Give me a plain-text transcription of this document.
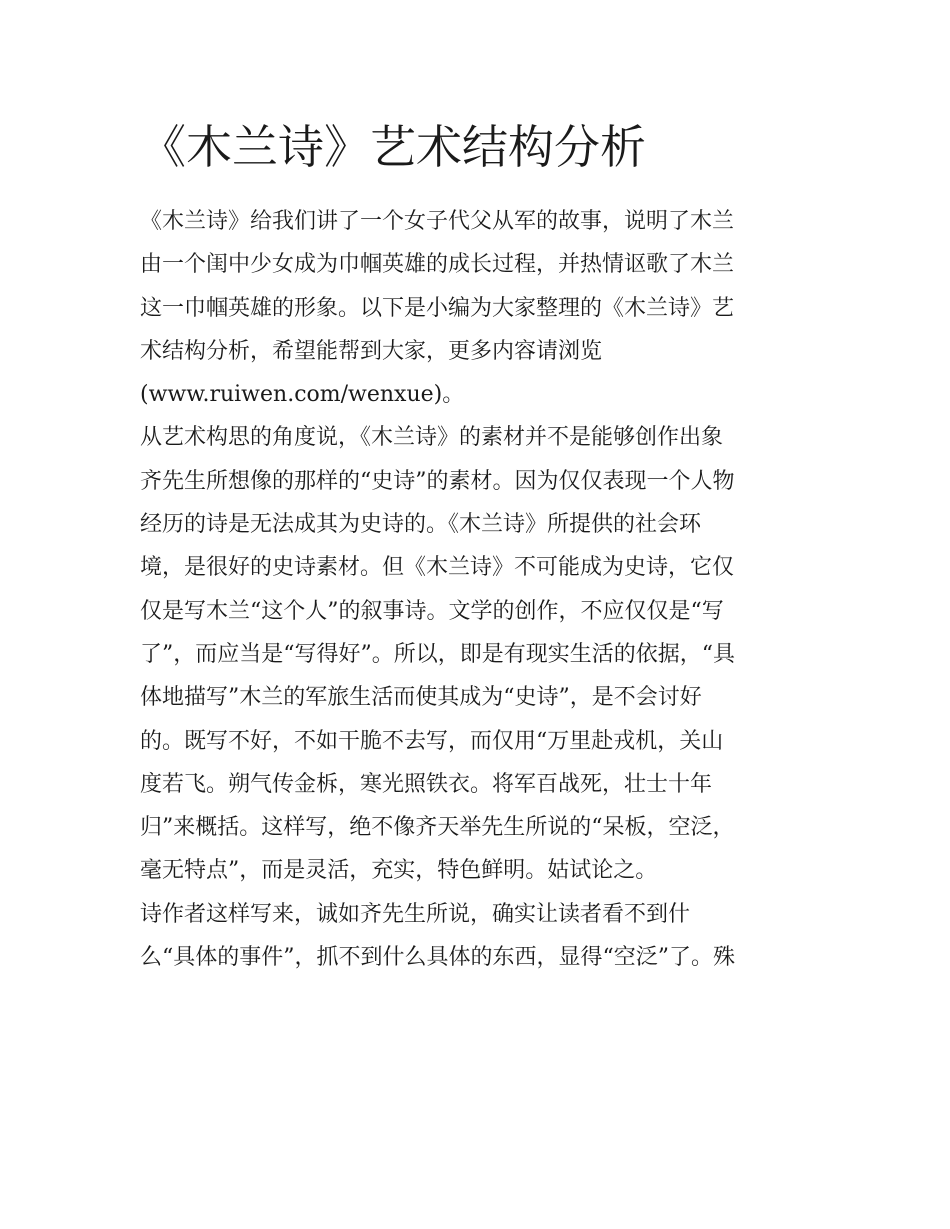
《木兰诗》艺术结构分析
《木兰诗》给我们讲了一个女子代父从军的故事，说明了木兰
由一个闺中少女成为巾帼英雄的成长过程，并热情讴歌了木兰
这一巾帼英雄的形象。以下是小编为大家整理的《木兰诗》艺
术结构分析，希望能帮到大家，更多内容请浏览
(www.ruiwen.com/wenxue)。
从艺术构思的角度说，《木兰诗》的素材并不是能够创作出象
齐先生所想像的那样的“史诗”的素材。因为仅仅表现一个人物
经历的诗是无法成其为史诗的。《木兰诗》所提供的社会环
境，是很好的史诗素材。但《木兰诗》不可能成为史诗，它仅
仅是写木兰“这个人”的叙事诗。文学的创作，不应仅仅是“写
了”，而应当是“写得好”。所以，即是有现实生活的依据，“具
体地描写”木兰的军旅生活而使其成为“史诗”，是不会讨好
的。既写不好，不如干脆不去写，而仅用“万里赴戎机，关山
度若飞。朔气传金柝，寒光照铁衣。将军百战死，壮士十年
归”来概括。这样写，绝不像齐天举先生所说的“呆板，空泛，
毫无特点”，而是灵活，充实，特色鲜明。姑试论之。
诗作者这样写来，诚如齐先生所说，确实让读者看不到什
么“具体的事件”，抓不到什么具体的东西，显得“空泛”了。殊
